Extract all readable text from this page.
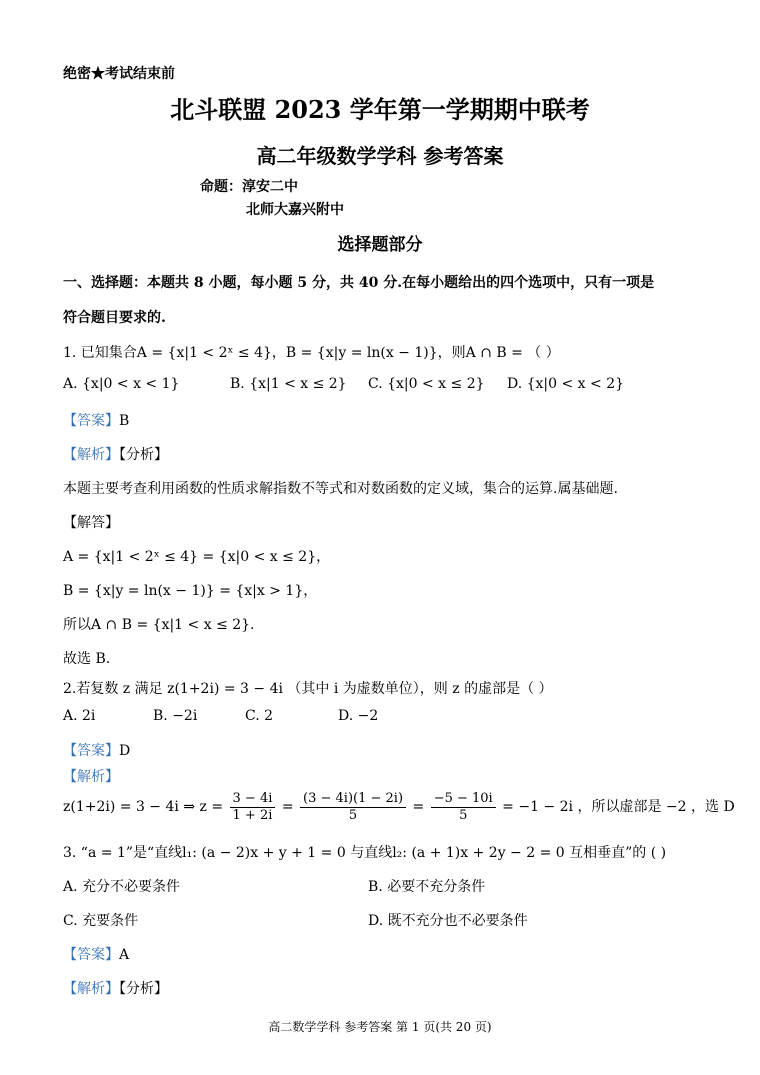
绝密★考试结束前
北斗联盟 2023 学年第一学期期中联考
高二年级数学学科 参考答案
命题：淳安二中
北师大嘉兴附中
选择题部分
一、选择题：本题共 8 小题，每小题 5 分，共 40 分.在每小题给出的四个选项中，只有一项是
符合题目要求的.
1. 已知集合A = {x|1 < 2ˣ ≤ 4}，B = {x|y = ln(x − 1)}，则A ∩ B = （ ）
A. {x|0 < x < 1}	B. {x|1 < x ≤ 2} C. {x|0 < x ≤ 2} D. {x|0 < x < 2}
【答案】B
【解析】【分析】
本题主要考查利用函数的性质求解指数不等式和对数函数的定义域，集合的运算.属基础题.
【解答】
A = {x|1 < 2ˣ ≤ 4} = {x|0 < x ≤ 2}，
B = {x|y = ln(x − 1)} = {x|x > 1}，
所以A ∩ B = {x|1 < x ≤ 2}.
故选 B.
2.若复数 z 满足 z(1+2i) = 3 − 4i （其中 i 为虚数单位），则 z 的虚部是（ ）
A. 2i	B. −2i	C. 2	D. −2
【答案】D
【解析】
z(1+2i) = 3 − 4i ⇒ $z = \frac{3 - 4i}{1 + 2i} = \frac{(3 - 4i)(1 - 2i)}{5} = \frac{-5 - 10i}{5} = -1 - 2i$ ，所以虚部是 −2 ，选 D
3. “a = 1”是“直线l₁: (a − 2)x + y + 1 = 0 与直线l₂: (a + 1)x + 2y − 2 = 0 互相垂直”的 ( )
A. 充分不必要条件	B. 必要不充分条件
C. 充要条件	D. 既不充分也不必要条件
【答案】A
【解析】【分析】
高二数学学科 参考答案 第 1 页(共 20 页)
